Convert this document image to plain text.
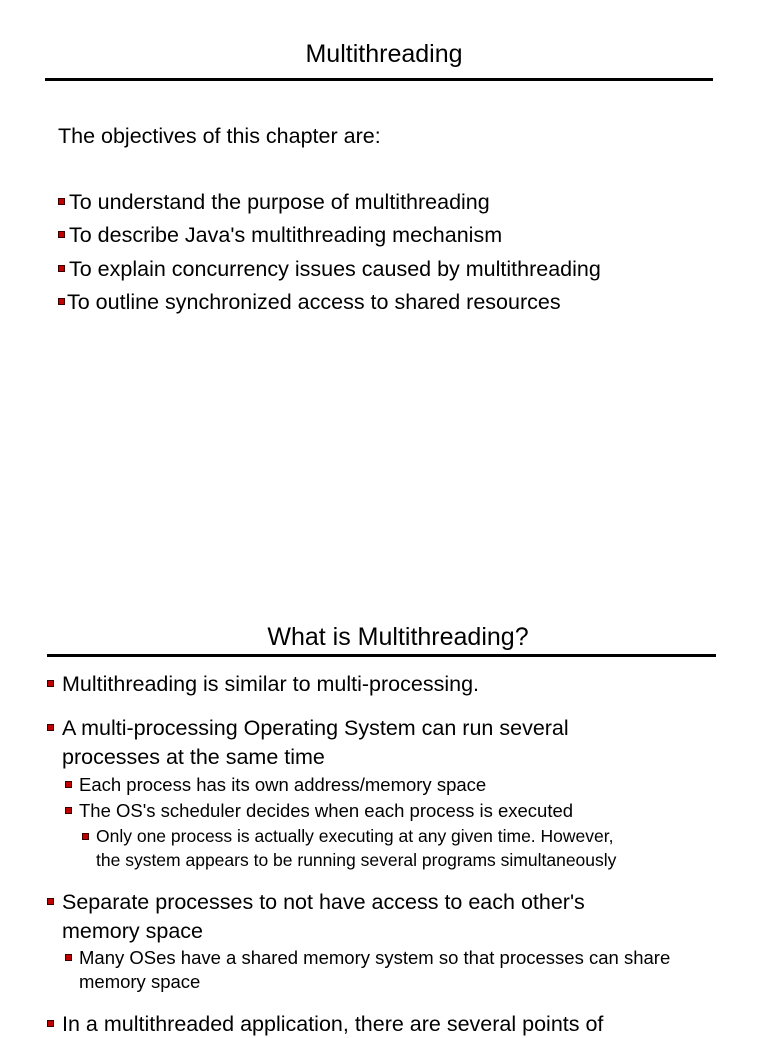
Multithreading
The objectives of this chapter are:
To understand the purpose of multithreading
To describe Java's multithreading mechanism
To explain concurrency issues caused by multithreading
To outline synchronized access to shared resources
What is Multithreading?
Multithreading is similar to multi-processing.
A multi-processing Operating System can run several
processes at the same time
Each process has its own address/memory space
The OS's scheduler decides when each process is executed
Only one process is actually executing at any given time. However,
the system appears to be running several programs simultaneously
Separate processes to not have access to each other's
memory space
Many OSes have a shared memory system so that processes can share
memory space
In a multithreaded application, there are several points of
